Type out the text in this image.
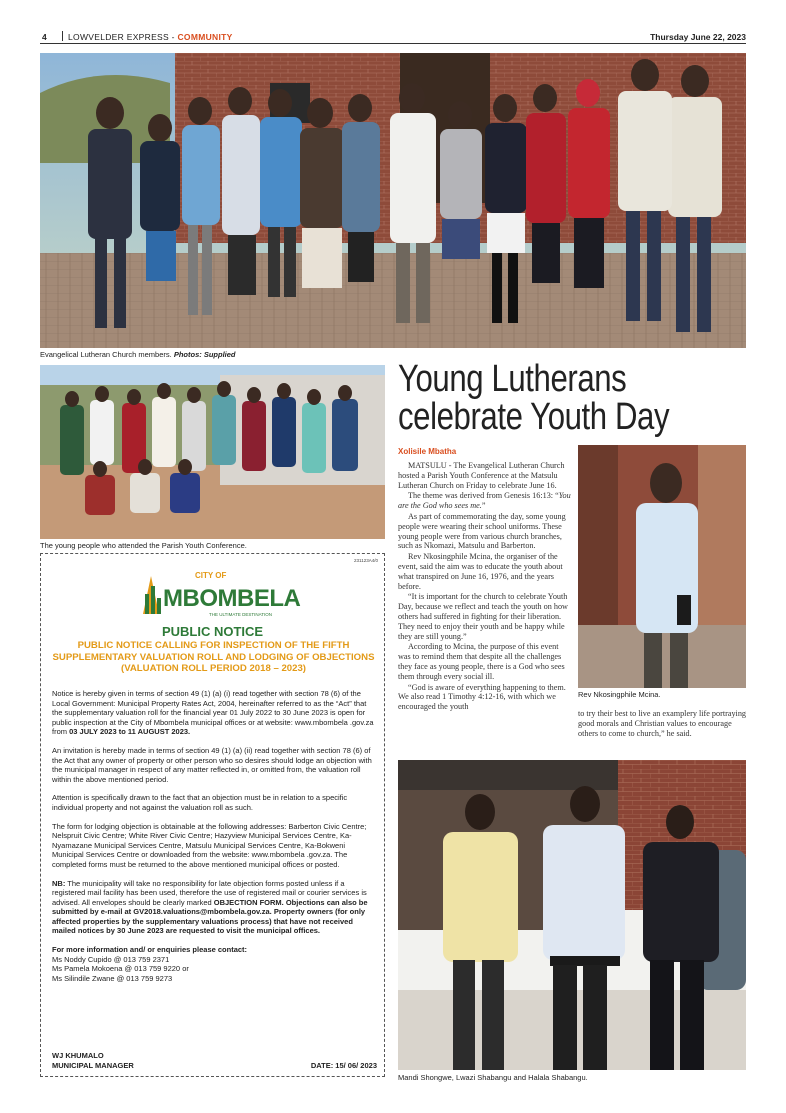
4	LOWVELDER EXPRESS - COMMUNITY	Thursday June 22, 2023
Evangelical Lutheran Church members. Photos: Supplied
The young people who attended the Parish Youth Conference.
Young Lutherans
celebrate Youth Day
Xolisile Mbatha

MATSULU - The Evangelical Lutheran Church hosted a Parish Youth Conference at the Matsulu Lutheran Church on Friday to celebrate June 16.

The theme was derived from Genesis 16:13: “You are the God who sees me.”

As part of commemorating the day, some young people were wearing their school uniforms. These young people were from various church branches, such as Nkomazi, Matsulu and Barberton.

Rev Nkosingphile Mcina, the organiser of the event, said the aim was to educate the youth about what transpired on June 16, 1976, and the years before.

“It is important for the church to celebrate Youth Day, because we reflect and teach the youth on how others had suffered in fighting for their liberation. They need to enjoy their youth and be happy while they are still young.”

According to Mcina, the purpose of this event was to remind them that despite all the challenges they face as young people, there is a God who sees them through every social ill.

“God is aware of everything happening to them. We also read 1 Timothy 4:12-16, with which we encouraged the youth

Rev Nkosingphile Mcina.

to try their best to live an examplery life portraying good morals and Christian values to encourage others to come to church,” he said.

Mandi Shongwe, Lwazi Shabangu and Halala Shabangu.
231123A4/0
CITY OF
MBOMBELA
THE ULTIMATE DESTINATION
PUBLIC NOTICE
PUBLIC NOTICE CALLING FOR INSPECTION OF THE FIFTH SUPPLEMENTARY VALUATION ROLL AND LODGING OF OBJECTIONS (VALUATION ROLL PERIOD 2018 – 2023)

Notice is hereby given in terms of section 49 (1) (a) (i) read together with section 78 (6) of the Local Government: Municipal Property Rates Act, 2004, hereinafter referred to as the “Act” that the supplementary valuation roll for the financial year 01 July 2022 to 30 June 2023 is open for public inspection at the City of Mbombela municipal offices or at website: www.mbombela .gov.za from 03 JULY 2023 to 11 AUGUST 2023.

An invitation is hereby made in terms of section 49 (1) (a) (ii) read together with section 78 (6) of the Act that any owner of property or other person who so desires should lodge an objection with the municipal manager in respect of any matter reflected in, or omitted from, the valuation roll within the above mentioned period.

Attention is specifically drawn to the fact that an objection must be in relation to a specific individual property and not against the valuation roll as such.

The form for lodging objection is obtainable at the following addresses: Barberton Civic Centre; Nelspruit Civic Centre; White River Civic Centre; Hazyview Municipal Services Centre, Ka-Nyamazane Municipal Services Centre, Matsulu Municipal Services Centre, Ka-Bokweni Municipal Services Centre or downloaded from the website: www.mbombela .gov.za. The completed forms must be returned to the above mentioned municipal offices or posted.

NB: The municipality will take no responsibility for late objection forms posted unless if a registered mail facility has been used, therefore the use of registered mail or courier services is advised. All envelopes should be clearly marked OBJECTION FORM. Objections can also be submitted by e-mail at GV2018.valuations@mbombela.gov.za. Property owners (for only affected properties by the supplementary valuations process) that have not received mailed notices by 30 June 2023 are requested to visit the municipal offices.

For more information and/ or enquiries please contact:
Ms Noddy Cupido @ 013 759 2371
Ms Pamela Mokoena @ 013 759 9220 or
Ms Silindile Zwane @ 013 759 9273

WJ KHUMALO
MUNICIPAL MANAGER	DATE: 15/ 06/ 2023
